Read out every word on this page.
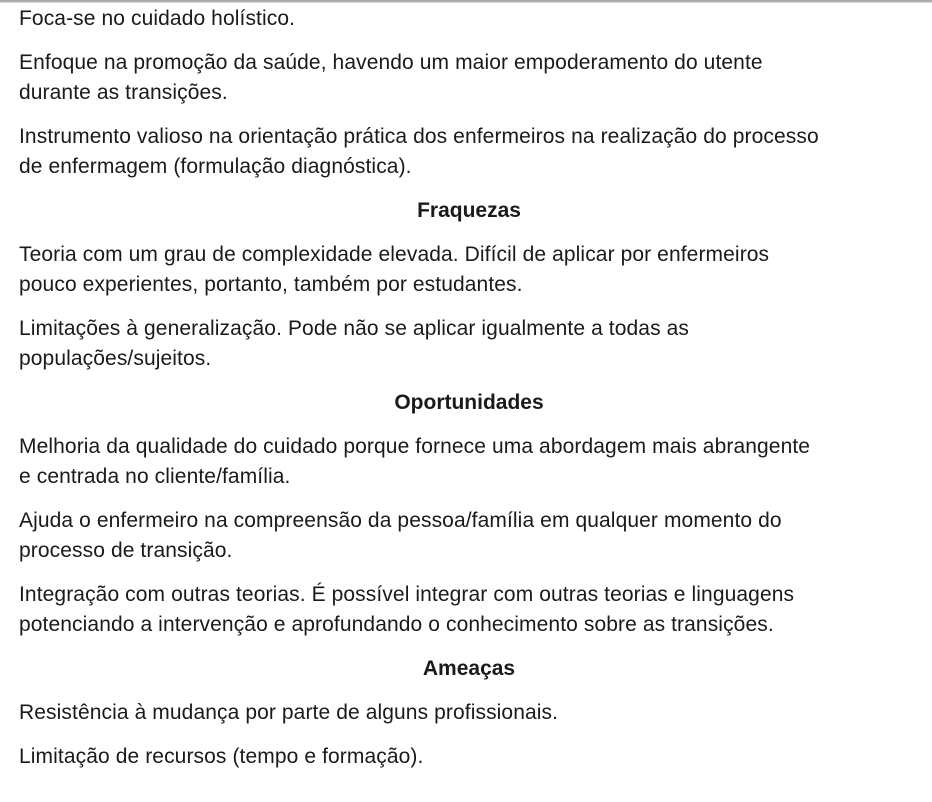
Foca-se no cuidado holístico.

Enfoque na promoção da saúde, havendo um maior empoderamento do utente
durante as transições.

Instrumento valioso na orientação prática dos enfermeiros na realização do processo
de enfermagem (formulação diagnóstica).

Fraquezas

Teoria com um grau de complexidade elevada. Difícil de aplicar por enfermeiros
pouco experientes, portanto, também por estudantes.

Limitações à generalização. Pode não se aplicar igualmente a todas as
populações/sujeitos.

Oportunidades

Melhoria da qualidade do cuidado porque fornece uma abordagem mais abrangente
e centrada no cliente/família.

Ajuda o enfermeiro na compreensão da pessoa/família em qualquer momento do
processo de transição.

Integração com outras teorias. É possível integrar com outras teorias e linguagens
potenciando a intervenção e aprofundando o conhecimento sobre as transições.

Ameaças

Resistência à mudança por parte de alguns profissionais.

Limitação de recursos (tempo e formação).
